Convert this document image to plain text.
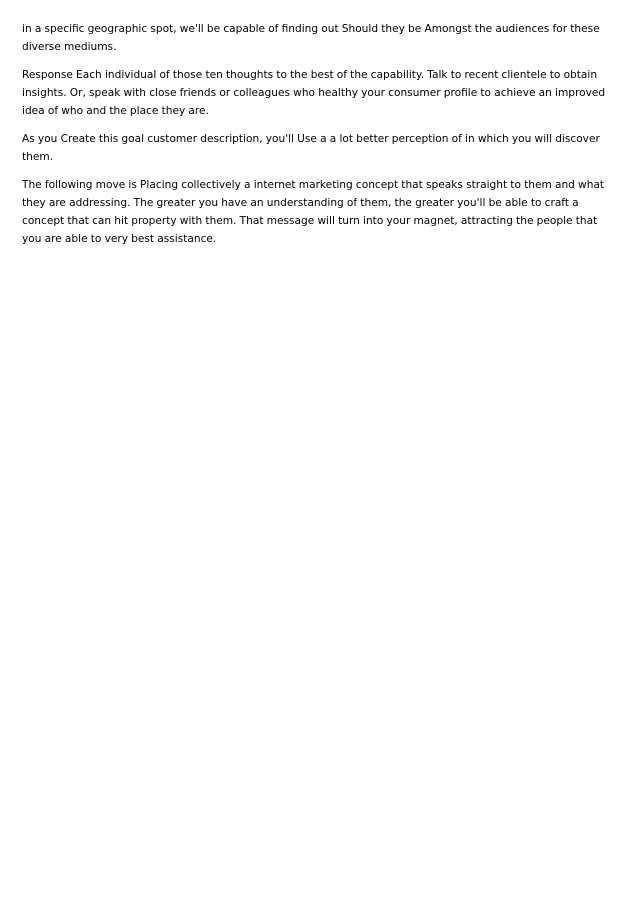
in a specific geographic spot, we'll be capable of finding out Should they be Amongst the audiences for these diverse mediums.

Response Each individual of those ten thoughts to the best of the capability. Talk to recent clientele to obtain insights. Or, speak with close friends or colleagues who healthy your consumer profile to achieve an improved idea of who and the place they are.

As you Create this goal customer description, you'll Use a a lot better perception of in which you will discover them.

The following move is Placing collectively a internet marketing concept that speaks straight to them and what they are addressing. The greater you have an understanding of them, the greater you'll be able to craft a concept that can hit property with them. That message will turn into your magnet, attracting the people that you are able to very best assistance.
